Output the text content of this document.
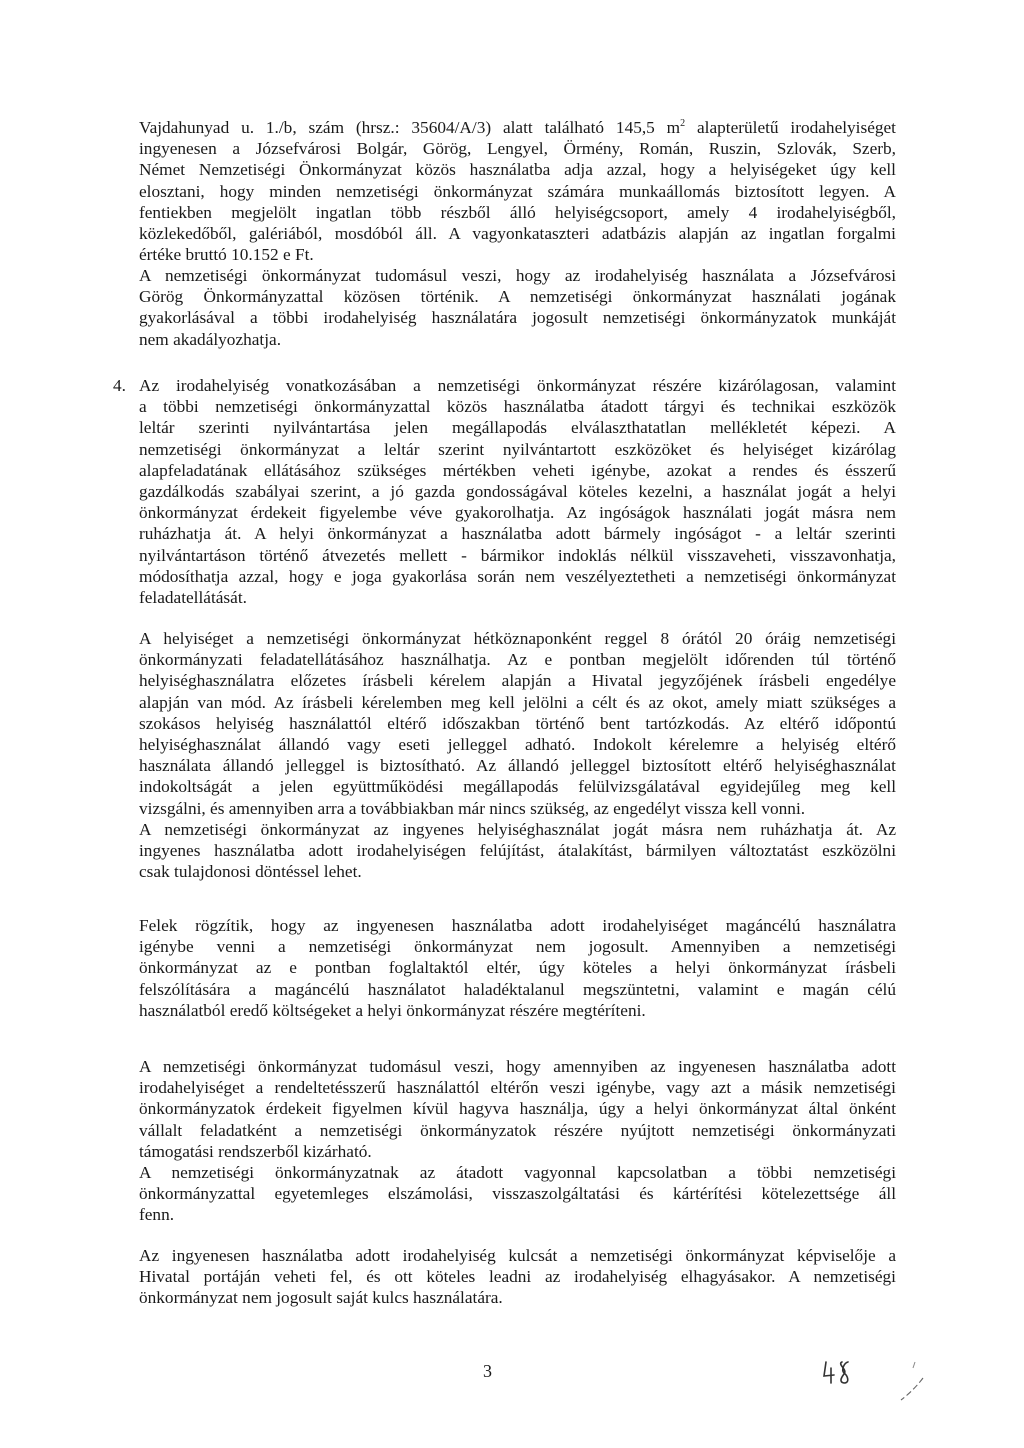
Vajdahunyad u. 1./b, szám (hrsz.: 35604/A/3) alatt található 145,5 $m^2$ alapterületű irodahelyiséget
ingyenesen a Józsefvárosi Bolgár, Görög, Lengyel, Örmény, Román, Ruszin, Szlovák, Szerb,
Német Nemzetiségi Önkormányzat közös használatba adja azzal, hogy a helyiségeket úgy kell
elosztani, hogy minden nemzetiségi önkormányzat számára munkaállomás biztosított legyen. A
fentiekben megjelölt ingatlan több részből álló helyiségcsoport, amely 4 irodahelyiségből,
közlekedőből, galériából, mosdóból áll. A vagyonkataszteri adatbázis alapján az ingatlan forgalmi
értéke bruttó 10.152 e Ft.
A nemzetiségi önkormányzat tudomásul veszi, hogy az irodahelyiség használata a Józsefvárosi
Görög Önkormányzattal közösen történik. A nemzetiségi önkormányzat használati jogának
gyakorlásával a többi irodahelyiség használatára jogosult nemzetiségi önkormányzatok munkáját
nem akadályozhatja.
4. Az irodahelyiség vonatkozásában a nemzetiségi önkormányzat részére kizárólagosan, valamint
a többi nemzetiségi önkormányzattal közös használatba átadott tárgyi és technikai eszközök
leltár szerinti nyilvántartása jelen megállapodás elválaszthatatlan mellékletét képezi. A
nemzetiségi önkormányzat a leltár szerint nyilvántartott eszközöket és helyiséget kizárólag
alapfeladatának ellátásához szükséges mértékben veheti igénybe, azokat a rendes és ésszerű
gazdálkodás szabályai szerint, a jó gazda gondosságával köteles kezelni, a használat jogát a helyi
önkormányzat érdekeit figyelembe véve gyakorolhatja. Az ingóságok használati jogát másra nem
ruházhatja át. A helyi önkormányzat a használatba adott bármely ingóságot - a leltár szerinti
nyilvántartáson történő átvezetés mellett - bármikor indoklás nélkül visszaveheti, visszavonhatja,
módosíthatja azzal, hogy e joga gyakorlása során nem veszélyeztetheti a nemzetiségi önkormányzat
feladatellátását.
A helyiséget a nemzetiségi önkormányzat hétköznaponként reggel 8 órától 20 óráig nemzetiségi
önkormányzati feladatellátásához használhatja. Az e pontban megjelölt időrenden túl történő
helyiséghasználatra előzetes írásbeli kérelem alapján a Hivatal jegyzőjének írásbeli engedélye
alapján van mód. Az írásbeli kérelemben meg kell jelölni a célt és az okot, amely miatt szükséges a
szokásos helyiség használattól eltérő időszakban történő bent tartózkodás. Az eltérő időpontú
helyiséghasználat állandó vagy eseti jelleggel adható. Indokolt kérelemre a helyiség eltérő
használata állandó jelleggel is biztosítható. Az állandó jelleggel biztosított eltérő helyiséghasználat
indokoltságát a jelen együttműködési megállapodás felülvizsgálatával egyidejűleg meg kell
vizsgálni, és amennyiben arra a továbbiakban már nincs szükség, az engedélyt vissza kell vonni.
A nemzetiségi önkormányzat az ingyenes helyiséghasználat jogát másra nem ruházhatja át. Az
ingyenes használatba adott irodahelyiségen felújítást, átalakítást, bármilyen változtatást eszközölni
csak tulajdonosi döntéssel lehet.
Felek rögzítik, hogy az ingyenesen használatba adott irodahelyiséget magáncélú használatra
igénybe venni a nemzetiségi önkormányzat nem jogosult. Amennyiben a nemzetiségi
önkormányzat az e pontban foglaltaktól eltér, úgy köteles a helyi önkormányzat írásbeli
felszólítására a magáncélú használatot haladéktalanul megszüntetni, valamint e magán célú
használatból eredő költségeket a helyi önkormányzat részére megtéríteni.
A nemzetiségi önkormányzat tudomásul veszi, hogy amennyiben az ingyenesen használatba adott
irodahelyiséget a rendeltetésszerű használattól eltérőn veszi igénybe, vagy azt a másik nemzetiségi
önkormányzatok érdekeit figyelmen kívül hagyva használja, úgy a helyi önkormányzat által önként
vállalt feladatként a nemzetiségi önkormányzatok részére nyújtott nemzetiségi önkormányzati
támogatási rendszerből kizárható.
A nemzetiségi önkormányzatnak az átadott vagyonnal kapcsolatban a többi nemzetiségi
önkormányzattal egyetemleges elszámolási, visszaszolgáltatási és kártérítési kötelezettsége áll
fenn.
Az ingyenesen használatba adott irodahelyiség kulcsát a nemzetiségi önkormányzat képviselője a
Hivatal portáján veheti fel, és ott köteles leadni az irodahelyiség elhagyásakor. A nemzetiségi
önkormányzat nem jogosult saját kulcs használatára.
3
